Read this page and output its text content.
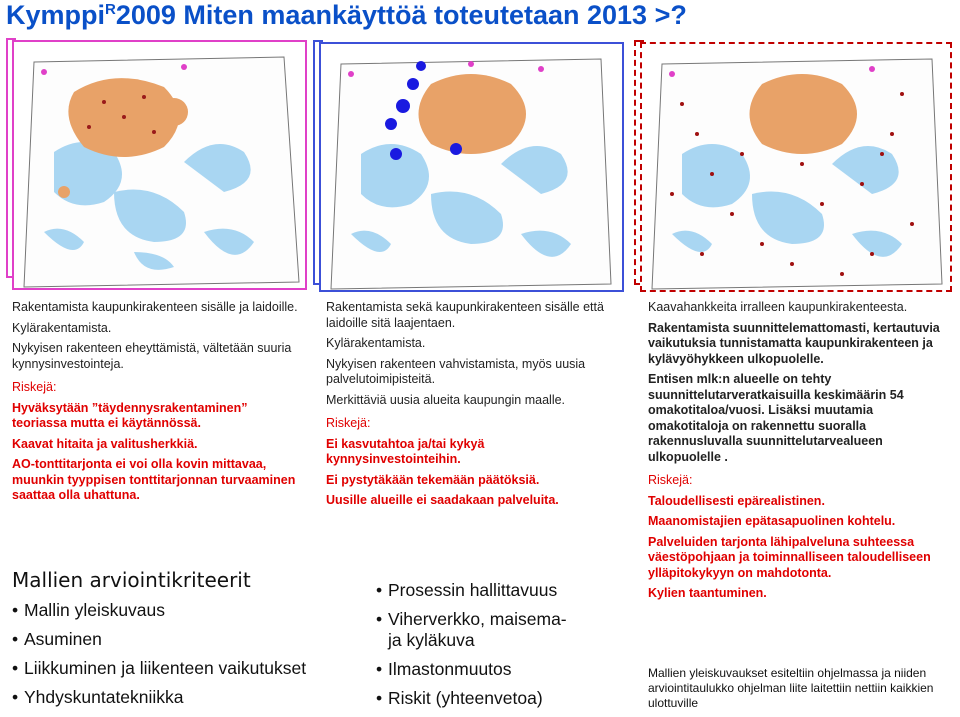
Kymppi$^R$2009 Miten maankäyttöä toteutetaan 2013 >?

Rakentamista kaupunkirakenteen sisälle ja laidoille.

Kylärakentamista.

Nykyisen rakenteen eheyttämistä, vältetään suuria kynnysinvestointeja.

Riskejä:

Hyväksytään ”täydennysrakentaminen” teoriassa mutta ei käytännössä.

Kaavat hitaita ja valitusherkkiä.

AO-tonttitarjonta ei voi olla kovin mittavaa, muunkin tyyppisen tonttitarjonnan turvaaminen saattaa olla uhattuna.

Rakentamista sekä kaupunkirakenteen sisälle että laidoille sitä laajentaen.

Kylärakentamista.

Nykyisen rakenteen vahvistamista, myös uusia palvelutoimipisteitä.

Merkittäviä uusia alueita kaupungin maalle.

Riskejä:

Ei kasvutahtoa ja/tai kykyä kynnysinvestointeihin.

Ei pystytäkään tekemään päätöksiä.

Uusille alueille ei saadakaan palveluita.

Kaavahankkeita irralleen kaupunkirakenteesta.

Rakentamista suunnittelemattomasti, kertautuvia vaikutuksia tunnistamatta kaupunkirakenteen ja kylävyöhykkeen ulkopuolelle.

Entisen mlk:n alueelle on tehty suunnittelutarveratkaisuilla keskimäärin 54 omakotitaloa/vuosi. Lisäksi muutamia omakotitaloja on rakennettu suoralla rakennusluvalla suunnittelutarvealueen ulkopuolelle .

Riskejä:

Taloudellisesti epärealistinen.

Maanomistajien epätasapuolinen kohtelu.

Palveluiden tarjonta lähipalveluna suhteessa väestöpohjaan ja toiminnalliseen taloudelliseen ylläpitokykyyn on mahdotonta.

Kylien taantuminen.

Mallien arviointikriteerit
• Mallin yleiskuvaus
• Asuminen
• Liikkuminen ja liikenteen vaikutukset
• Yhdyskuntatekniikka
• Prosessin hallittavuus
• Viherverkko, maisema-
ja kyläkuva
• Ilmastonmuutos
• Riskit (yhteenvetoa)
Mallien yleiskuvaukset esiteltiin ohjelmassa ja niiden arviointitaulukko ohjelman liite laitettiin nettiin kaikkien ulottuville
